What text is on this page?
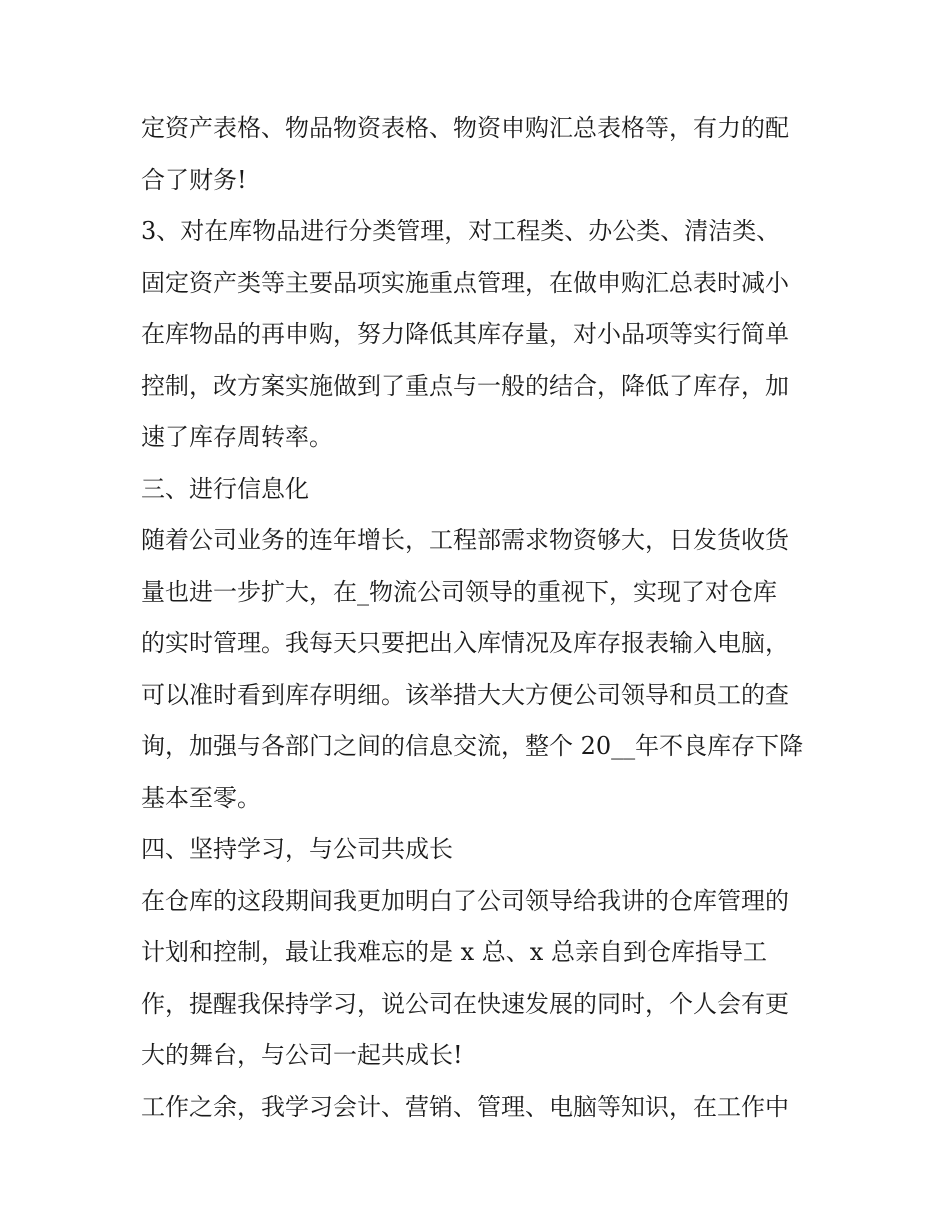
定资产表格、物品物资表格、物资申购汇总表格等，有力的配
合了财务!
3、对在库物品进行分类管理，对工程类、办公类、清洁类、
固定资产类等主要品项实施重点管理，在做申购汇总表时减小
在库物品的再申购，努力降低其库存量，对小品项等实行简单
控制，改方案实施做到了重点与一般的结合，降低了库存，加
速了库存周转率。
三、进行信息化
随着公司业务的连年增长，工程部需求物资够大，日发货收货
量也进一步扩大，在_物流公司领导的重视下，实现了对仓库
的实时管理。我每天只要把出入库情况及库存报表输入电脑，
可以准时看到库存明细。该举措大大方便公司领导和员工的查
询，加强与各部门之间的信息交流，整个 20__年不良库存下降
基本至零。
四、坚持学习，与公司共成长
在仓库的这段期间我更加明白了公司领导给我讲的仓库管理的
计划和控制，最让我难忘的是 x 总、x 总亲自到仓库指导工
作，提醒我保持学习，说公司在快速发展的同时，个人会有更
大的舞台，与公司一起共成长!
工作之余，我学习会计、营销、管理、电脑等知识，在工作中
